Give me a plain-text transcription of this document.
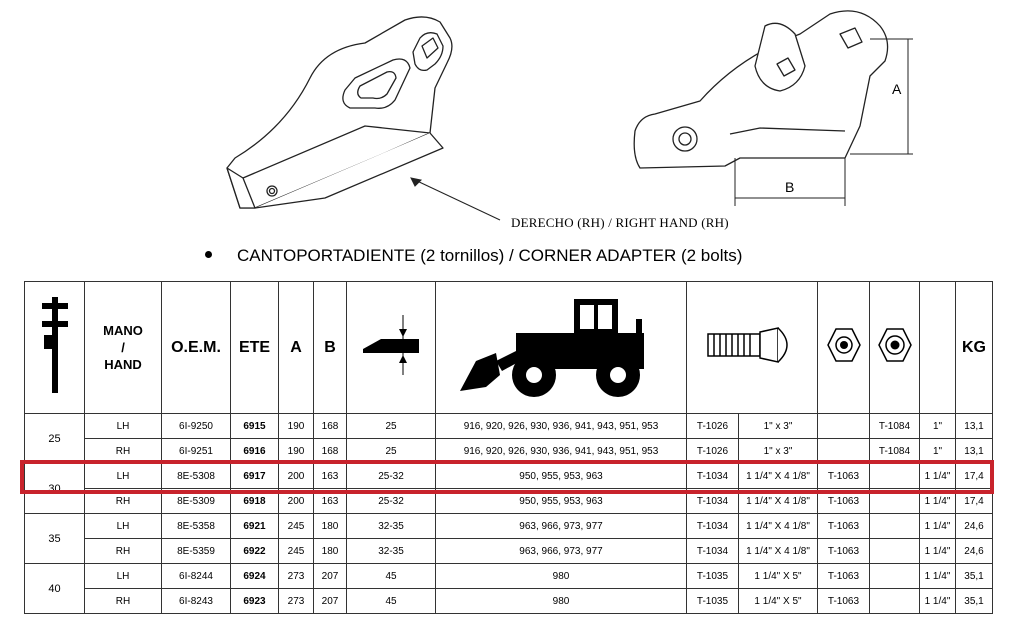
A
B
DERECHO (RH) / RIGHT HAND (RH)
CANTOPORTADIENTE (2 tornillos) / CORNER ADAPTER (2 bolts)
	MANO
/
HAND	O.E.M.	ETE	A	B								KG
25	LH	6I-9250	6915	190	168	25	916, 920, 926, 930, 936, 941, 943, 951, 953	T-1026	1" x 3"		T-1084	1"	13,1
	RH	6I-9251	6916	190	168	25	916, 920, 926, 930, 936, 941, 943, 951, 953	T-1026	1" x 3"		T-1084	1"	13,1
30	LH	8E-5308	6917	200	163	25-32	950, 955, 953, 963	T-1034	1 1/4" X 4 1/8"	T-1063		1 1/4"	17,4
	RH	8E-5309	6918	200	163	25-32	950, 955, 953, 963	T-1034	1 1/4" X 4 1/8"	T-1063		1 1/4"	17,4
35	LH	8E-5358	6921	245	180	32-35	963, 966, 973, 977	T-1034	1 1/4" X 4 1/8"	T-1063		1 1/4"	24,6
	RH	8E-5359	6922	245	180	32-35	963, 966, 973, 977	T-1034	1 1/4" X 4 1/8"	T-1063		1 1/4"	24,6
40	LH	6I-8244	6924	273	207	45	980	T-1035	1 1/4" X 5"	T-1063		1 1/4"	35,1
	RH	6I-8243	6923	273	207	45	980	T-1035	1 1/4" X 5"	T-1063		1 1/4"	35,1
